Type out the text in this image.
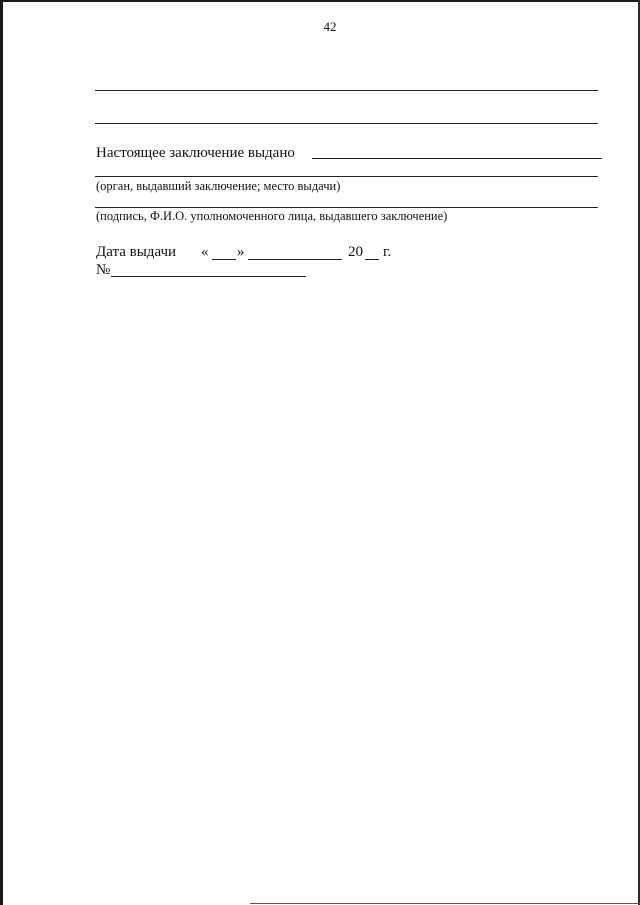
42
Настоящее заключение выдано
(орган, выдавший заключение; место выдачи)
(подпись, Ф.И.О. уполномоченного лица, выдавшего заключение)
Дата выдачи « »	20 г.
№
